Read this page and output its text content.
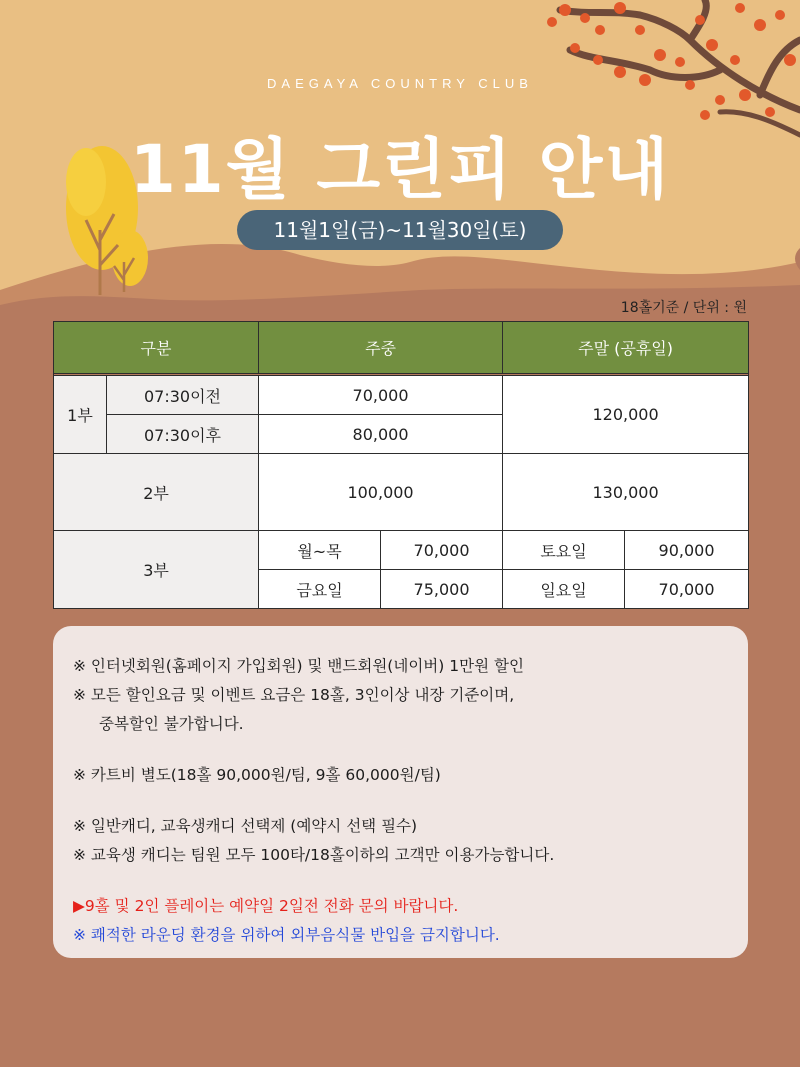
DAEGAYA COUNTRY CLUB
11월 그린피 안내
11월1일(금)~11월30일(토)
18홀기준 / 단위 : 원
구분		주중		주말 (공휴일)	

1부	07:30이전	70,000		120,000	
	07:30이후	80,000			
2부		100,000		130,000	
3부		월~목	70,000	토요일	90,000
		금요일	75,000	일요일	70,000
※ 인터넷회원(홈페이지 가입회원) 및 밴드회원(네이버) 1만원 할인
※ 모든 할인요금 및 이벤트 요금은 18홀, 3인이상 내장 기준이며,
중복할인 불가합니다.
※ 카트비 별도(18홀 90,000원/팀, 9홀 60,000원/팀)
※ 일반캐디, 교육생캐디 선택제 (예약시 선택 필수)
※ 교육생 캐디는 팀원 모두 100타/18홀이하의 고객만 이용가능합니다.
▶9홀 및 2인 플레이는 예약일 2일전 전화 문의 바랍니다.
※ 쾌적한 라운딩 환경을 위하여 외부음식물 반입을 금지합니다.
